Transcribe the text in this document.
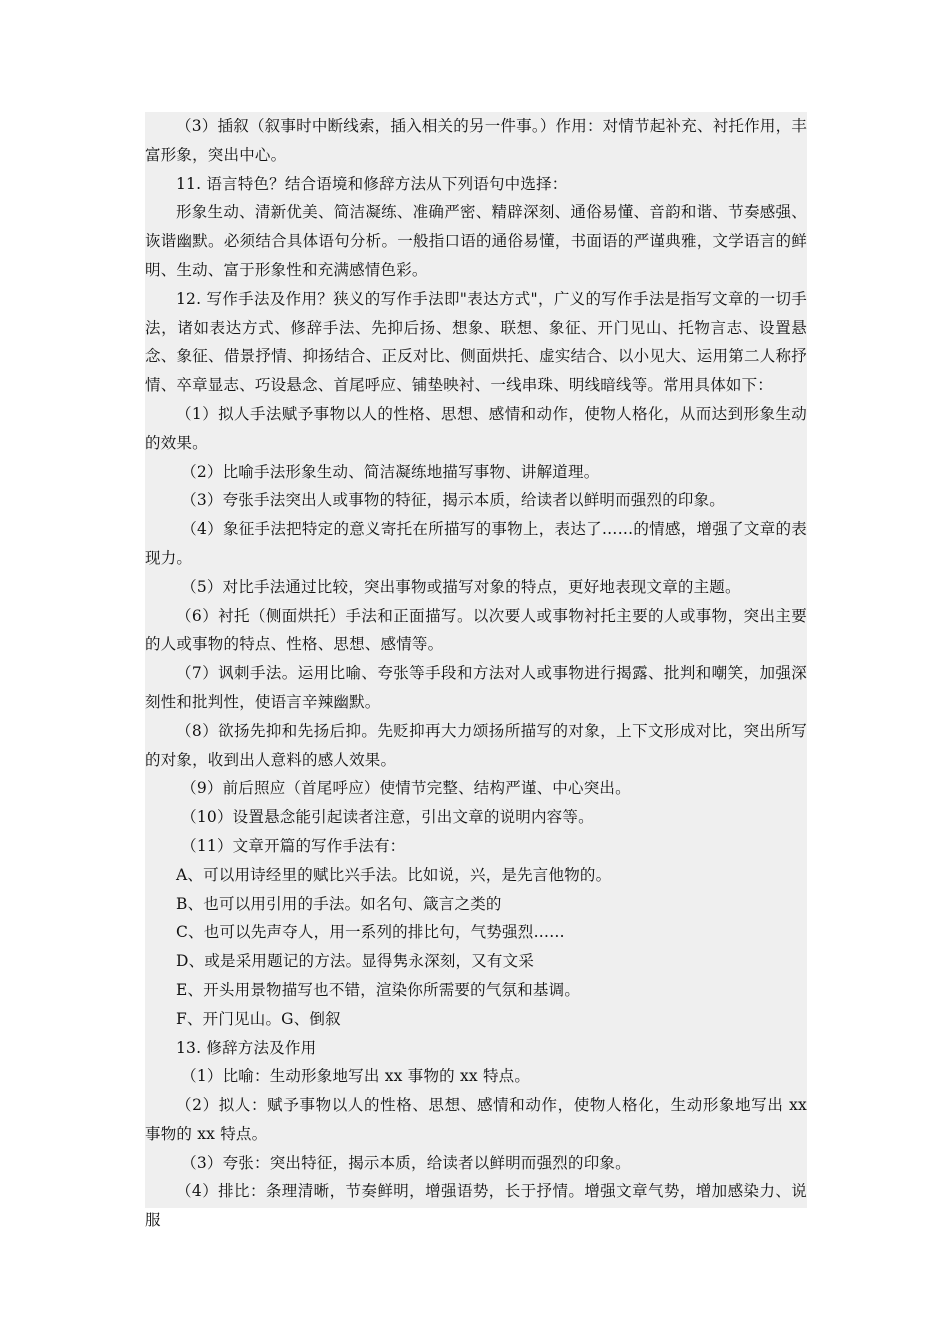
（3）插叙（叙事时中断线索，插入相关的另一件事。）作用：对情节起补充、衬托作用，丰富形象，突出中心。

11. 语言特色？结合语境和修辞方法从下列语句中选择：

形象生动、清新优美、简洁凝练、准确严密、精辟深刻、通俗易懂、音韵和谐、节奏感强、诙谐幽默。必须结合具体语句分析。一般指口语的通俗易懂，书面语的严谨典雅，文学语言的鲜明、生动、富于形象性和充满感情色彩。

12. 写作手法及作用？狭义的写作手法即"表达方式"，广义的写作手法是指写文章的一切手法，诸如表达方式、修辞手法、先抑后扬、想象、联想、象征、开门见山、托物言志、设置悬念、象征、借景抒情、抑扬结合、正反对比、侧面烘托、虚实结合、以小见大、运用第二人称抒情、卒章显志、巧设悬念、首尾呼应、铺垫映衬、一线串珠、明线暗线等。常用具体如下：

（1）拟人手法赋予事物以人的性格、思想、感情和动作，使物人格化，从而达到形象生动的效果。

（2）比喻手法形象生动、简洁凝练地描写事物、讲解道理。

（3）夸张手法突出人或事物的特征，揭示本质，给读者以鲜明而强烈的印象。

（4）象征手法把特定的意义寄托在所描写的事物上，表达了……的情感，增强了文章的表现力。

（5）对比手法通过比较，突出事物或描写对象的特点，更好地表现文章的主题。

（6）衬托（侧面烘托）手法和正面描写。以次要人或事物衬托主要的人或事物，突出主要的人或事物的特点、性格、思想、感情等。

（7）讽刺手法。运用比喻、夸张等手段和方法对人或事物进行揭露、批判和嘲笑，加强深刻性和批判性，使语言辛辣幽默。

（8）欲扬先抑和先扬后抑。先贬抑再大力颂扬所描写的对象，上下文形成对比，突出所写的对象，收到出人意料的感人效果。

（9）前后照应（首尾呼应）使情节完整、结构严谨、中心突出。

（10）设置悬念能引起读者注意，引出文章的说明内容等。

（11）文章开篇的写作手法有：

A、可以用诗经里的赋比兴手法。比如说，兴，是先言他物的。

B、也可以用引用的手法。如名句、箴言之类的

C、也可以先声夺人，用一系列的排比句，气势强烈……

D、或是采用题记的方法。显得隽永深刻，又有文采

E、开头用景物描写也不错，渲染你所需要的气氛和基调。

F、开门见山。G、倒叙

13. 修辞方法及作用

（1）比喻：生动形象地写出 xx 事物的 xx 特点。

（2）拟人：赋予事物以人的性格、思想、感情和动作，使物人格化，生动形象地写出 xx 事物的 xx 特点。

（3）夸张：突出特征，揭示本质，给读者以鲜明而强烈的印象。

（4）排比：条理清晰，节奏鲜明，增强语势，长于抒情。增强文章气势，增加感染力、说服
